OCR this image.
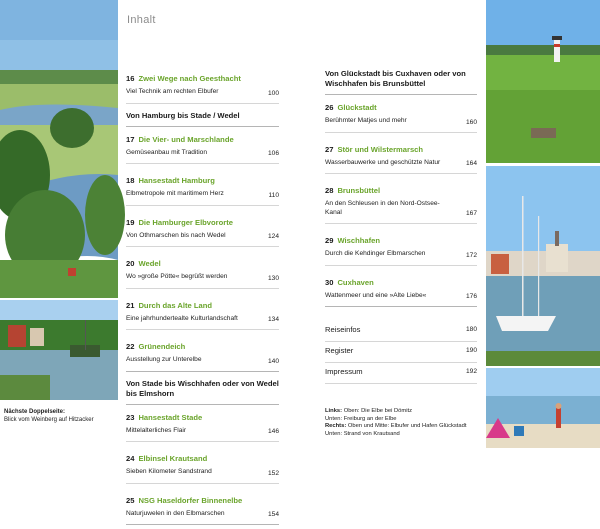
Nächste Doppelseite:
Blick vom Weinberg auf Hitzacker
Inhalt
16 Zwei Wege nach Geesthacht
Viel Technik am rechten Elbufer	100
Von Hamburg bis Stade / Wedel
17 Die Vier- und Marschlande
Gemüseanbau mit Tradition	106
18 Hansestadt Hamburg
Elbmetropole mit maritimem Herz	110
19 Die Hamburger Elbvororte
Von Othmarschen bis nach Wedel	124
20 Wedel
Wo »große Pötte« begrüßt werden	130
21 Durch das Alte Land
Eine jahrhundertealte Kulturlandschaft	134
22 Grünendeich
Ausstellung zur Unterelbe	140
Von Stade bis Wischhafen oder von Wedel bis Elmshorn
23 Hansestadt Stade
Mittelalterliches Flair	146
24 Elbinsel Krautsand
Sieben Kilometer Sandstrand	152
25 NSG Haseldorfer Binnenelbe
Naturjuwelen in den Elbmarschen	154
Von Glückstadt bis Cuxhaven oder von Wischhafen bis Brunsbüttel
26 Glückstadt
Berühmter Matjes und mehr	160
27 Stör und Wilstermarsch
Wasserbauwerke und geschützte Natur	164
28 Brunsbüttel
An den Schleusen in den Nord-Ostsee-Kanal	167
29 Wischhafen
Durch die Kehdinger Elbmarschen	172
30 Cuxhaven
Wattenmeer und eine »Alte Liebe«	176
Reiseinfos	180
Register	190
Impressum	192
Links: Oben: Die Elbe bei Dömitz
Unten: Freiburg an der Elbe
Rechts: Oben und Mitte: Elbufer und Hafen Glückstadt
Unten: Strand von Krautsand
